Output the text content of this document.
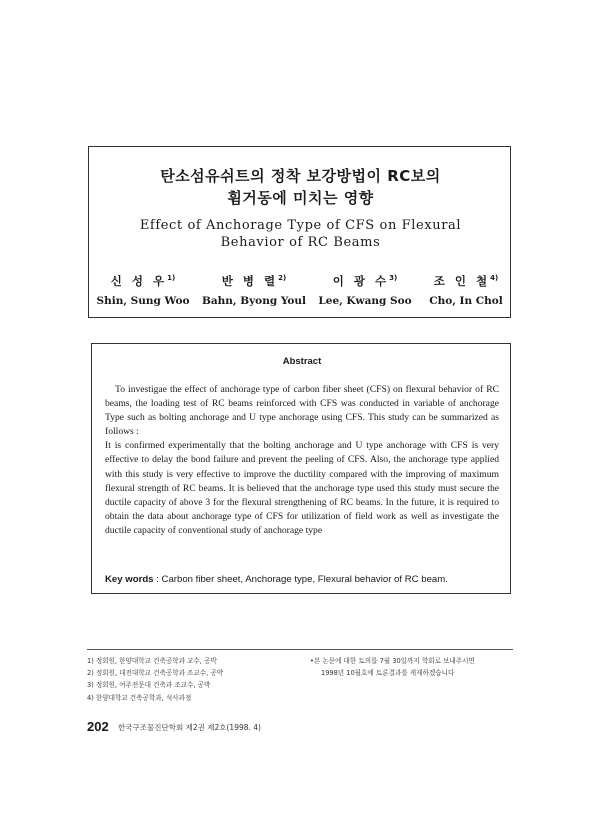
탄소섬유쉬트의 정착 보강방법이 RC보의
휨거동에 미치는 영향
Effect of Anchorage Type of CFS on Flexural
Behavior of RC Beams
신 성 우$^{1)}$
Shin, Sung Woo
반 병 렬$^{2)}$
Bahn, Byong Youl
이 광 수$^{3)}$
Lee, Kwang Soo
조 인 철$^{4)}$
Cho, In Chol
Abstract

To investigae the effect of anchorage type of carbon fiber sheet (CFS) on flexural behavior of RC beams, the loading test of RC beams reinforced with CFS was conducted in variable of anchorage Type such as bolting anchorage and U type anchorage using CFS. This study can be summarized as follows :

It is confirmed experimentally that the bolting anchorage and U type anchorage with CFS is very effective to delay the bond failure and prevent the peeling of CFS. Also, the anchorage type applied with this study is very effective to improve the ductility compared with the improving of maximum flexural strength of RC beams. It is believed that the anchorage type used this study must secure the ductile capacity of above 3 for the flexural strengthening of RC beams. In the future, it is required to obtain the data about anchorage type of CFS for utilization of field work as well as investigate the ductile capacity of conventional study of anchorage type

Key words : Carbon fiber sheet, Anchorage type, Flexural behavior of RC beam.
1) 정회원, 한양대학교 건축공학과 교수, 공박
2) 정회원, 대전대학교 건축공학과 조교수, 공박
3) 정회원, 여주전문대 건축과 조교수, 공박
4) 한양대학교 건축공학과, 석사과정
•본 논문에 대한 토의를 7월 30일까지 학회로 보내주시면
1998년 10월호에 토론결과를 게재하겠습니다
202 한국구조물진단학회 제2권 제2호(1998. 4)
